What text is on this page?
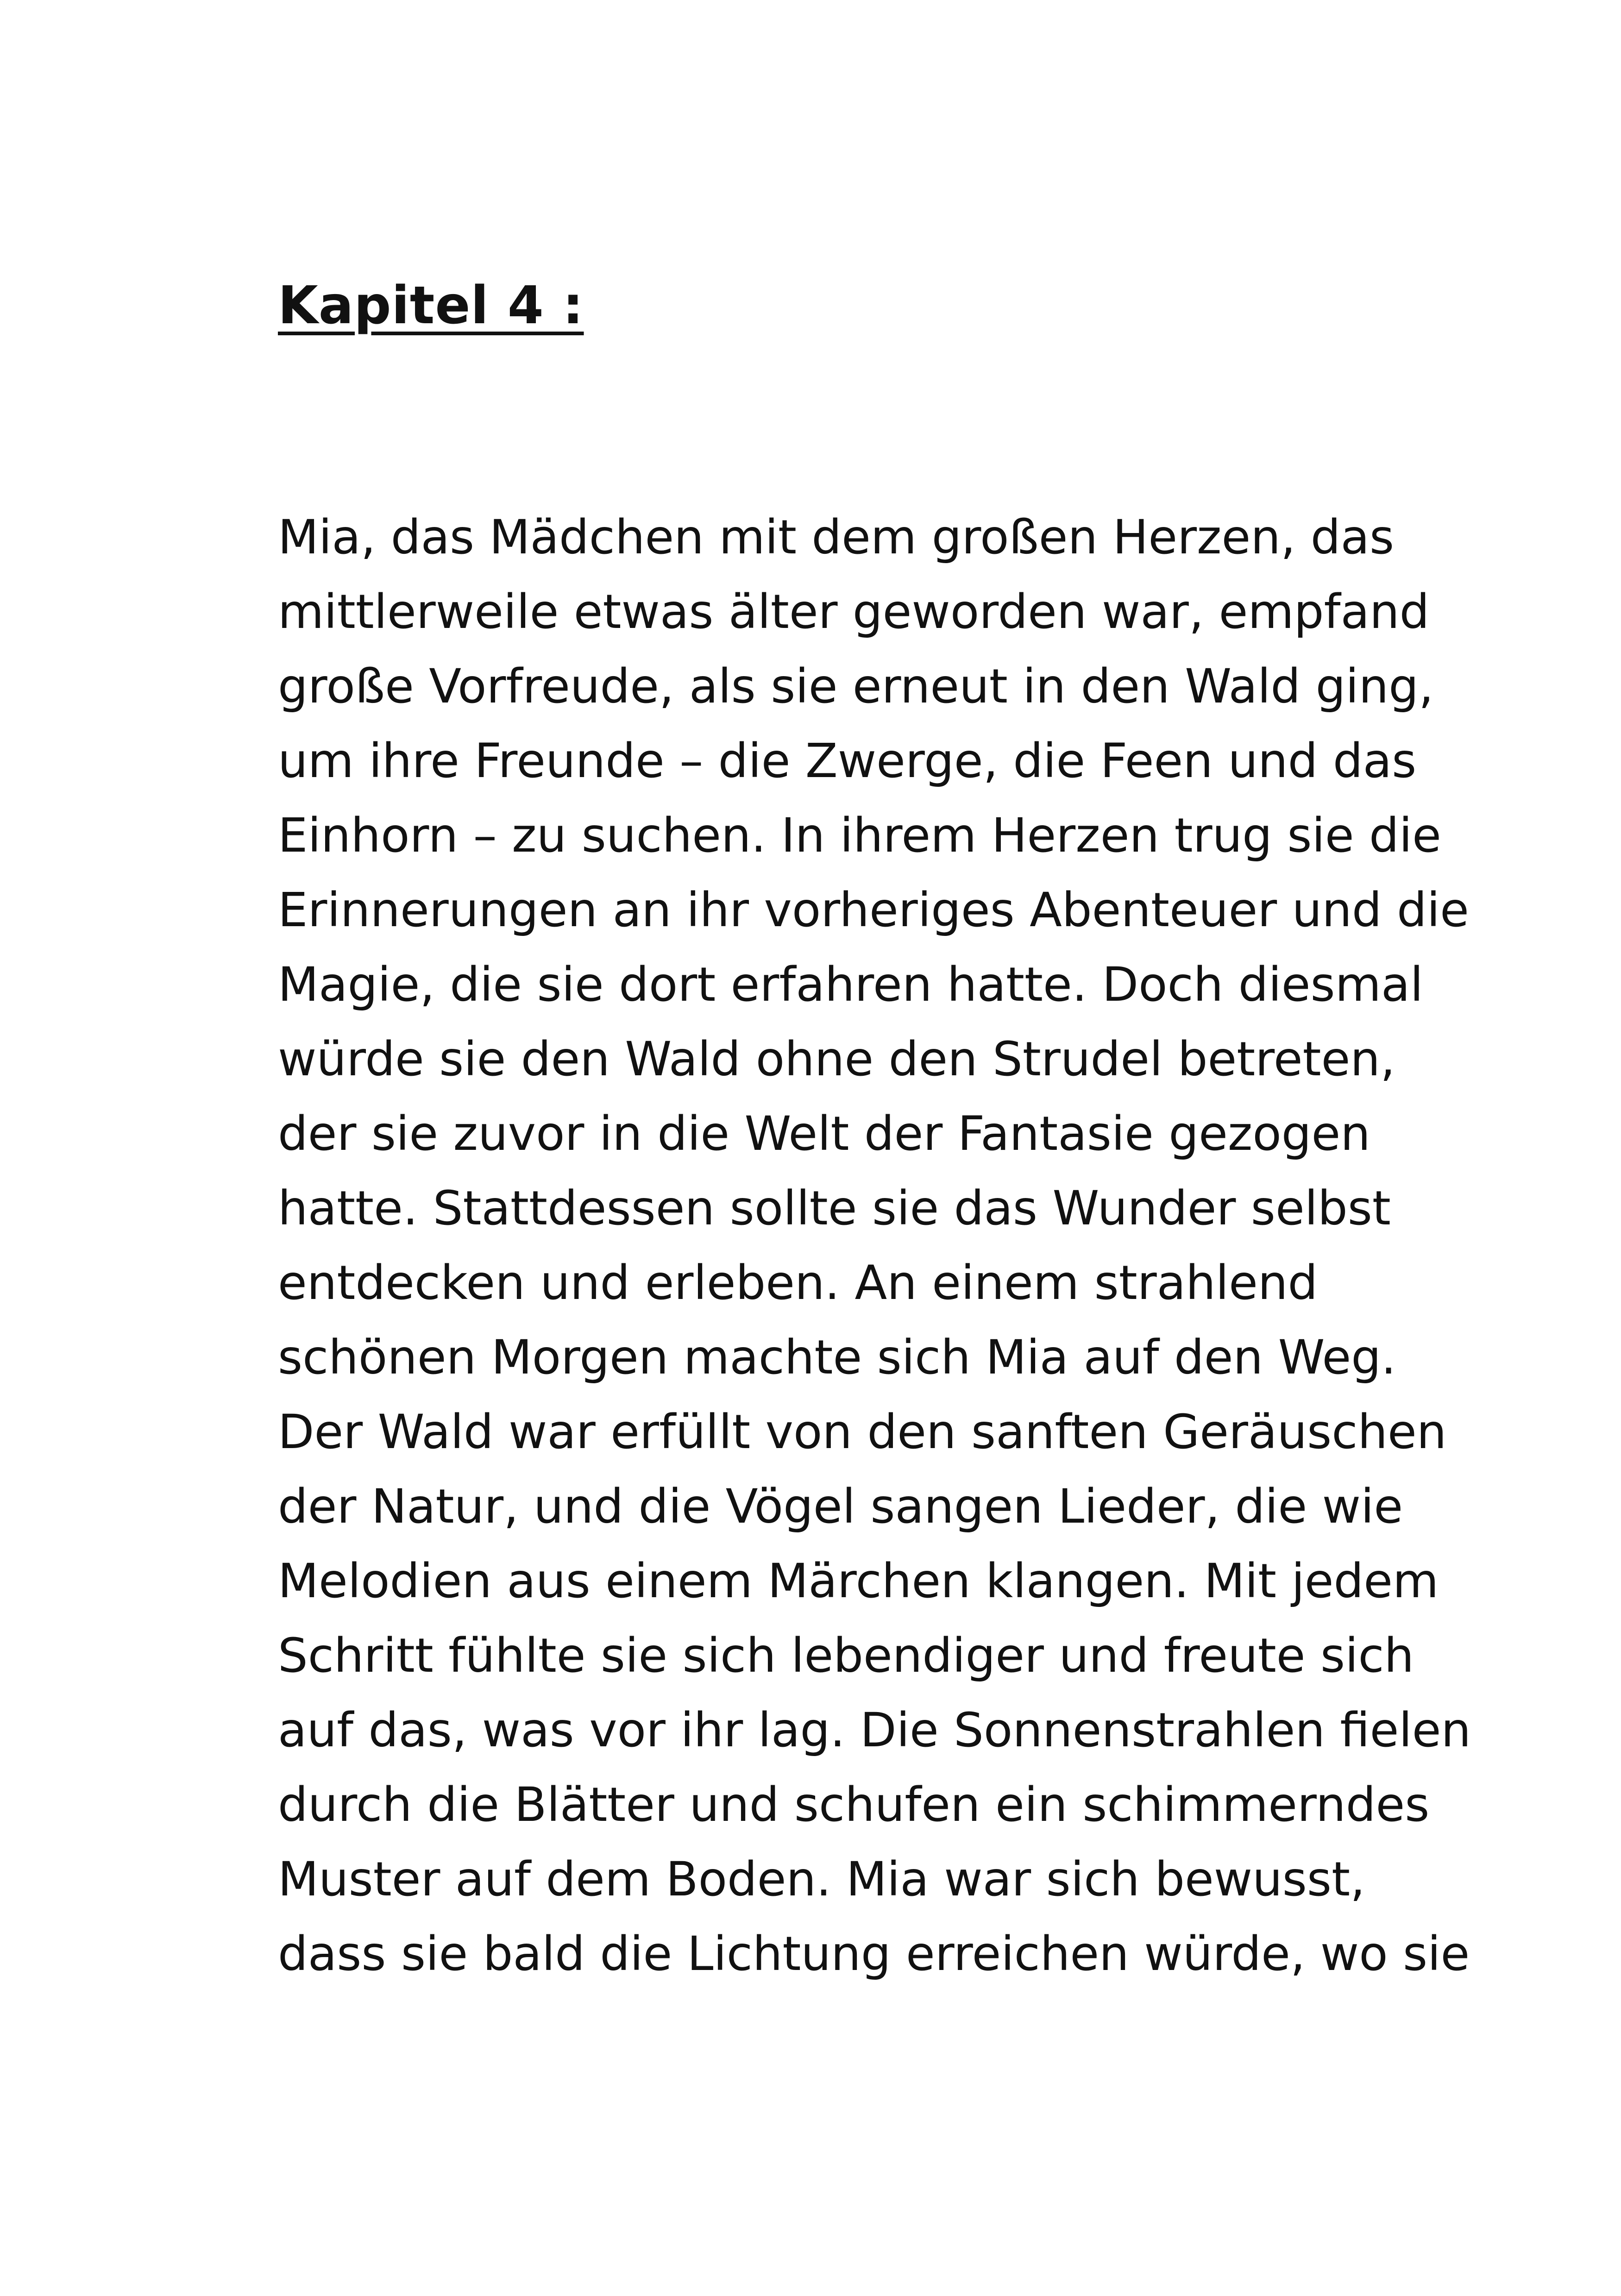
Kapitel 4 :
Mia, das Mädchen mit dem großen Herzen, das
mittlerweile etwas älter geworden war, empfand
große Vorfreude, als sie erneut in den Wald ging,
um ihre Freunde – die Zwerge, die Feen und das
Einhorn – zu suchen. In ihrem Herzen trug sie die
Erinnerungen an ihr vorheriges Abenteuer und die
Magie, die sie dort erfahren hatte. Doch diesmal
würde sie den Wald ohne den Strudel betreten,
der sie zuvor in die Welt der Fantasie gezogen
hatte. Stattdessen sollte sie das Wunder selbst
entdecken und erleben. An einem strahlend
schönen Morgen machte sich Mia auf den Weg.
Der Wald war erfüllt von den sanften Geräuschen
der Natur, und die Vögel sangen Lieder, die wie
Melodien aus einem Märchen klangen. Mit jedem
Schritt fühlte sie sich lebendiger und freute sich
auf das, was vor ihr lag. Die Sonnenstrahlen fielen
durch die Blätter und schufen ein schimmerndes
Muster auf dem Boden. Mia war sich bewusst,
dass sie bald die Lichtung erreichen würde, wo sie
